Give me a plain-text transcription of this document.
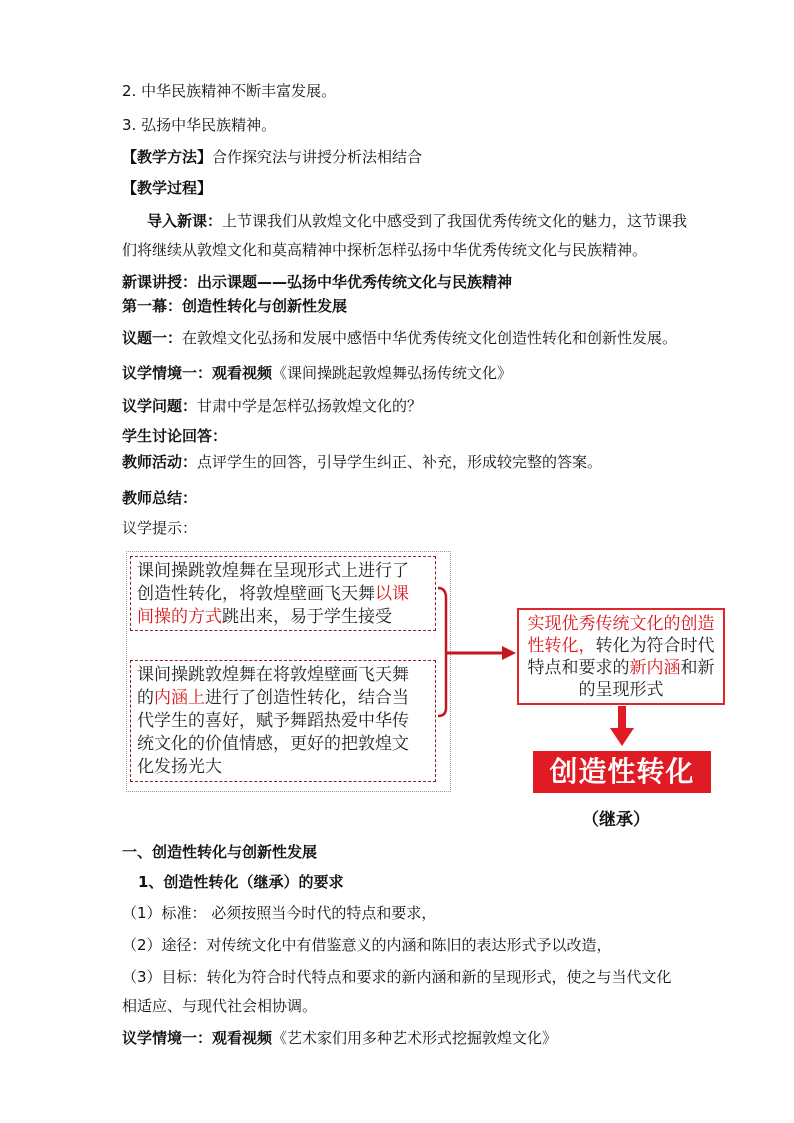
2. 中华民族精神不断丰富发展。
3. 弘扬中华民族精神。
【教学方法】合作探究法与讲授分析法相结合
【教学过程】
导入新课：上节课我们从敦煌文化中感受到了我国优秀传统文化的魅力，这节课我
们将继续从敦煌文化和莫高精神中探析怎样弘扬中华优秀传统文化与民族精神。
新课讲授：出示课题——弘扬中华优秀传统文化与民族精神
第一幕：创造性转化与创新性发展
议题一：在敦煌文化弘扬和发展中感悟中华优秀传统文化创造性转化和创新性发展。
议学情境一：观看视频《课间操跳起敦煌舞弘扬传统文化》
议学问题：甘肃中学是怎样弘扬敦煌文化的？
学生讨论回答：
教师活动：点评学生的回答，引导学生纠正、补充，形成较完整的答案。
教师总结：
议学提示：
课间操跳敦煌舞在呈现形式上进行了
创造性转化，将敦煌壁画飞天舞以课
间操的方式跳出来，易于学生接受
课间操跳敦煌舞在将敦煌壁画飞天舞
的内涵上进行了创造性转化，结合当
代学生的喜好，赋予舞蹈热爱中华传
统文化的价值情感，更好的把敦煌文
化发扬光大
实现优秀传统文化的创造
性转化，转化为符合时代
特点和要求的新内涵和新
的呈现形式
创造性转化
（继承）
一、创造性转化与创新性发展
1、创造性转化（继承）的要求
（1）标准： 必须按照当今时代的特点和要求，
（2）途径：对传统文化中有借鉴意义的内涵和陈旧的表达形式予以改造，
（3）目标：转化为符合时代特点和要求的新内涵和新的呈现形式，使之与当代文化
相适应、与现代社会相协调。
议学情境一：观看视频《艺术家们用多种艺术形式挖掘敦煌文化》
